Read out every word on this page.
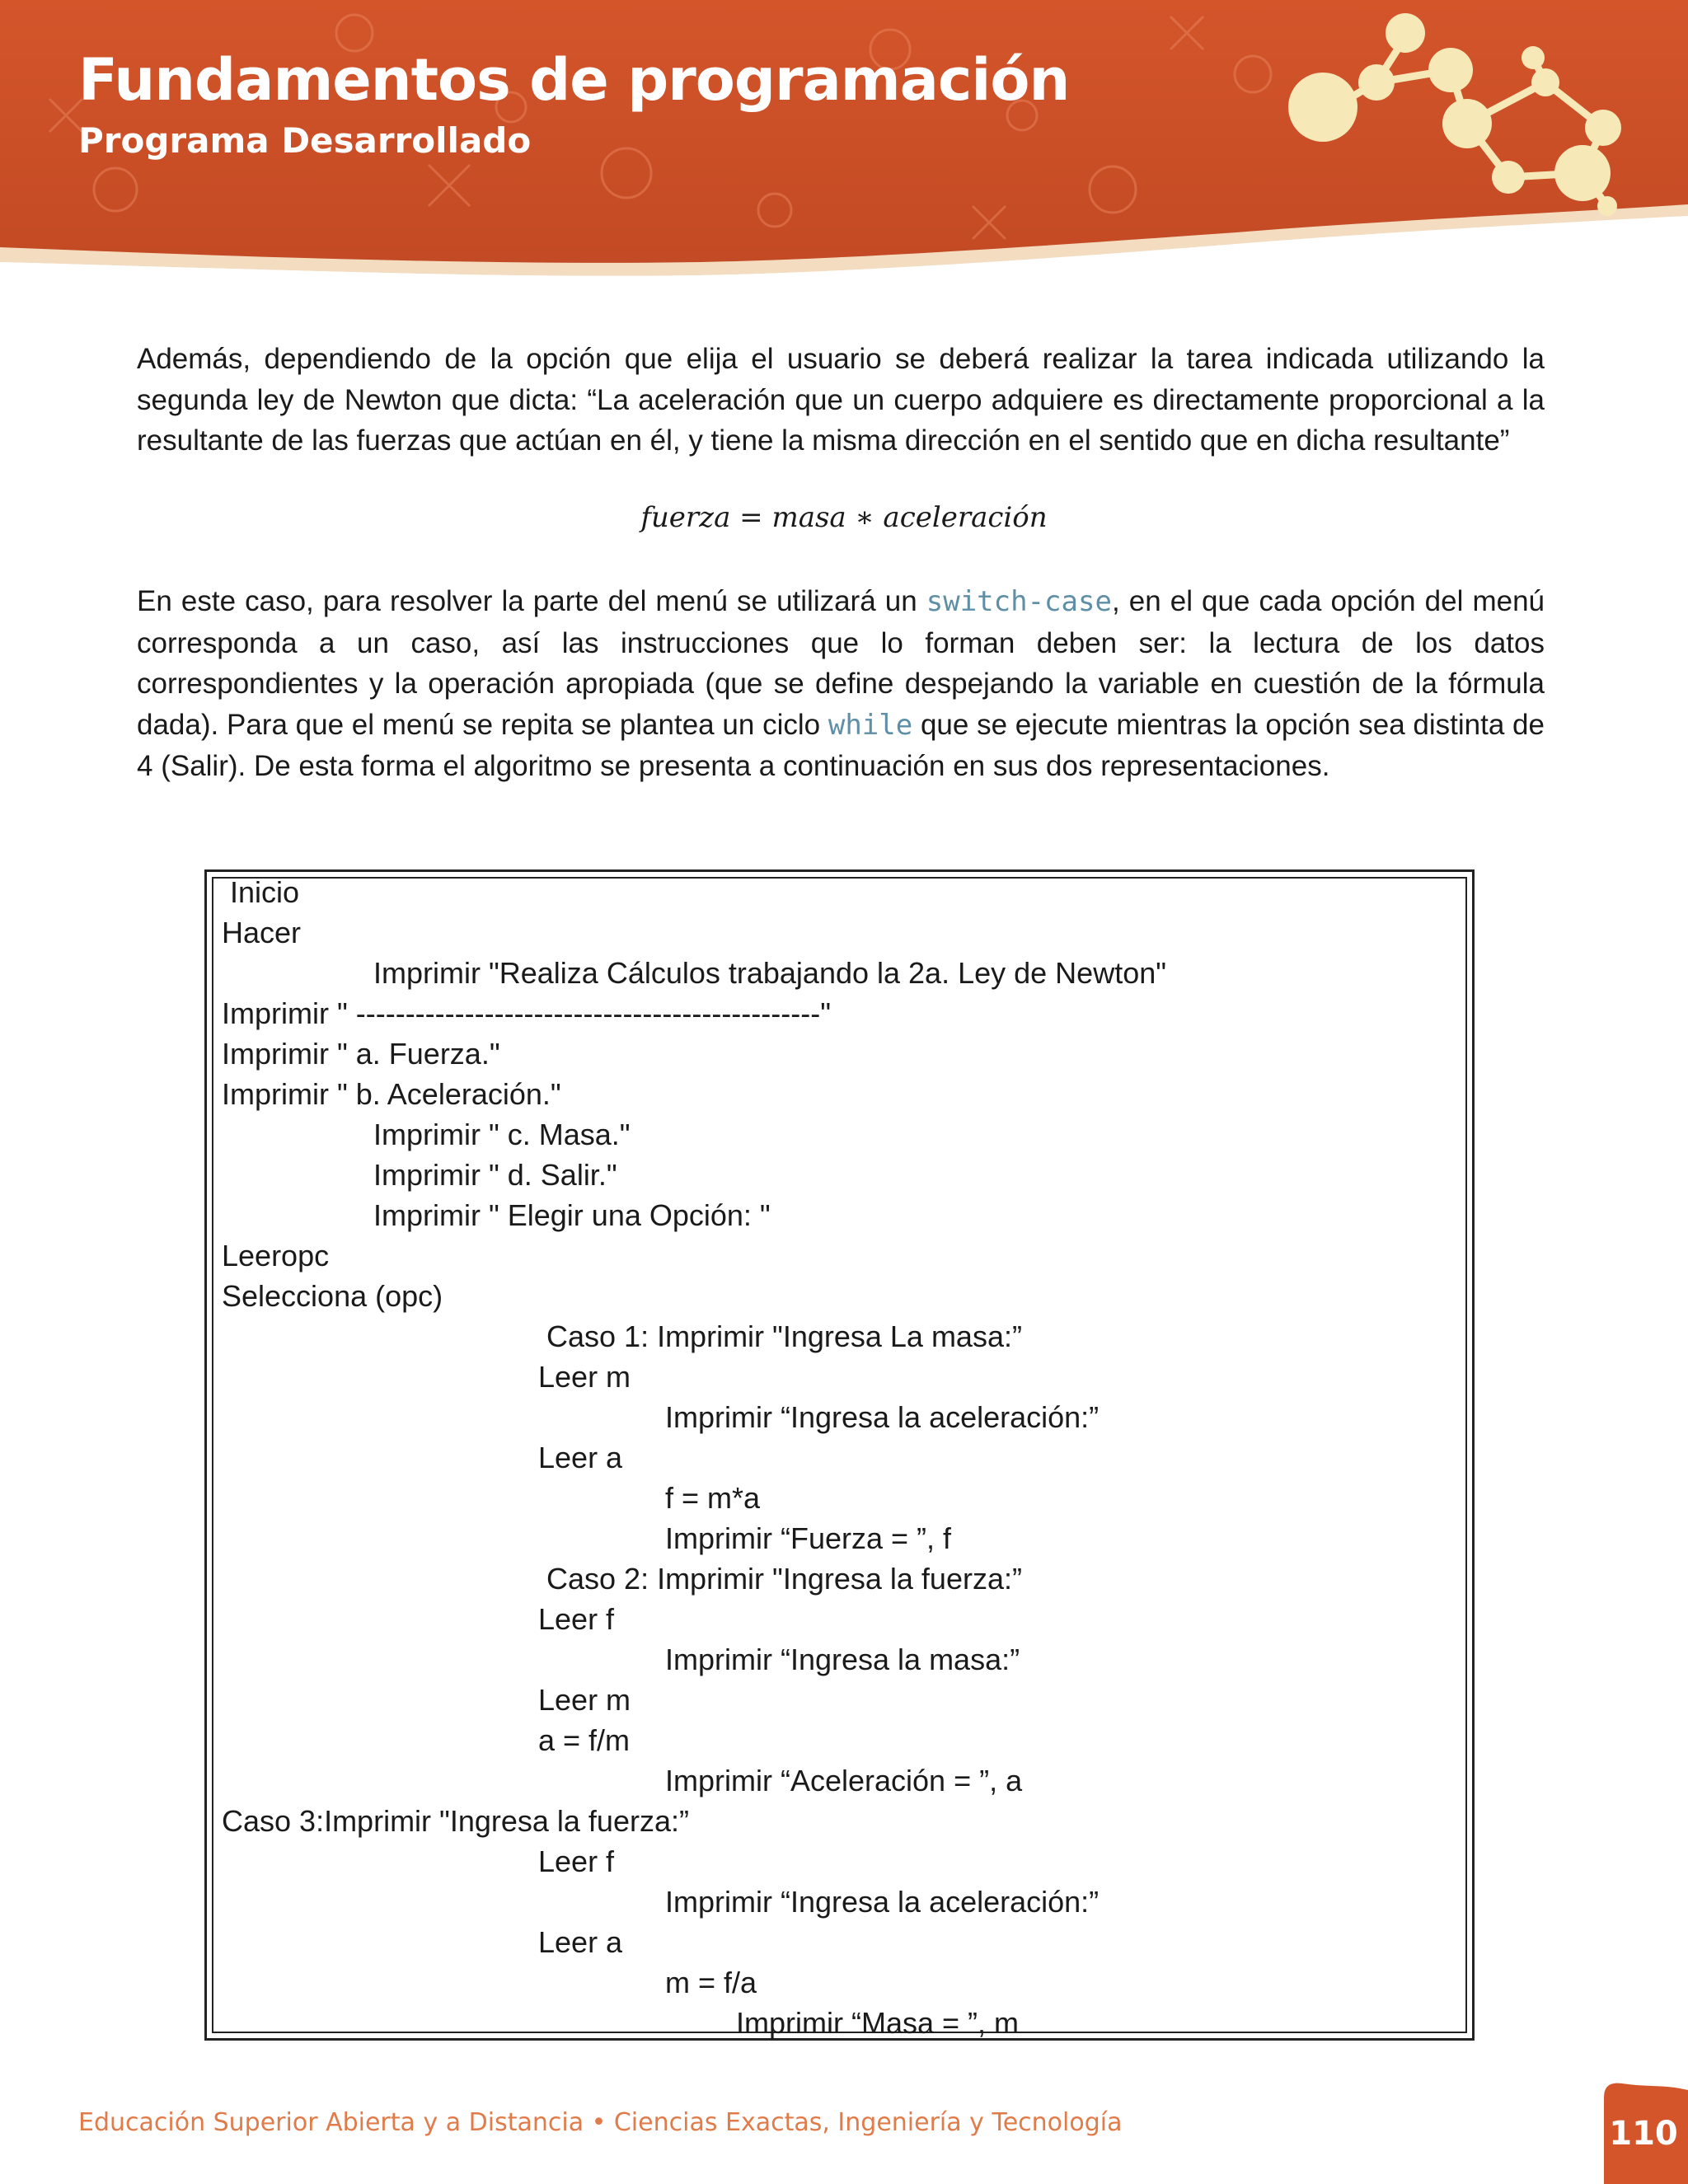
Fundamentos de programación
Programa Desarrollado

Además, dependiendo de la opción que elija el usuario se deberá realizar la tarea indicada utilizando la segunda ley de Newton que dicta: “La aceleración que un cuerpo adquiere es directamente proporcional a la resultante de las fuerzas que actúan en él, y tiene la misma dirección en el sentido que en dicha resultante”

fuerza = masa ∗ aceleración

En este caso, para resolver la parte del menú se utilizará un switch-case, en el que cada opción del menú corresponda a un caso, así las instrucciones que lo forman deben ser: la lectura de los datos correspondientes y la operación apropiada (que se define despejando la variable en cuestión de la fórmula dada). Para que el menú se repita se plantea un ciclo while que se ejecute mientras la opción sea distinta de 4 (Salir). De esta forma el algoritmo se presenta a continuación en sus dos representaciones.

Inicio

Hacer

Imprimir "Realiza Cálculos trabajando la 2a. Ley de Newton"

Imprimir " -----------------------------------------------"

Imprimir " a. Fuerza."

Imprimir " b. Aceleración."

Imprimir " c. Masa."

Imprimir " d. Salir."

Imprimir " Elegir una Opción: "

Leeropc

Selecciona (opc)

Caso 1: Imprimir "Ingresa La masa:”

Leer m

Imprimir “Ingresa la aceleración:”

Leer a

f = m*a

Imprimir “Fuerza = ”, f

Caso 2: Imprimir "Ingresa la fuerza:”

Leer f

Imprimir “Ingresa la masa:”

Leer m

a = f/m

Imprimir “Aceleración = ”, a

Caso 3:Imprimir "Ingresa la fuerza:”

Leer f

Imprimir “Ingresa la aceleración:”

Leer a

m = f/a

Imprimir “Masa = ”, m

Educación Superior Abierta y a Distancia • Ciencias Exactas, Ingeniería y Tecnología	110
